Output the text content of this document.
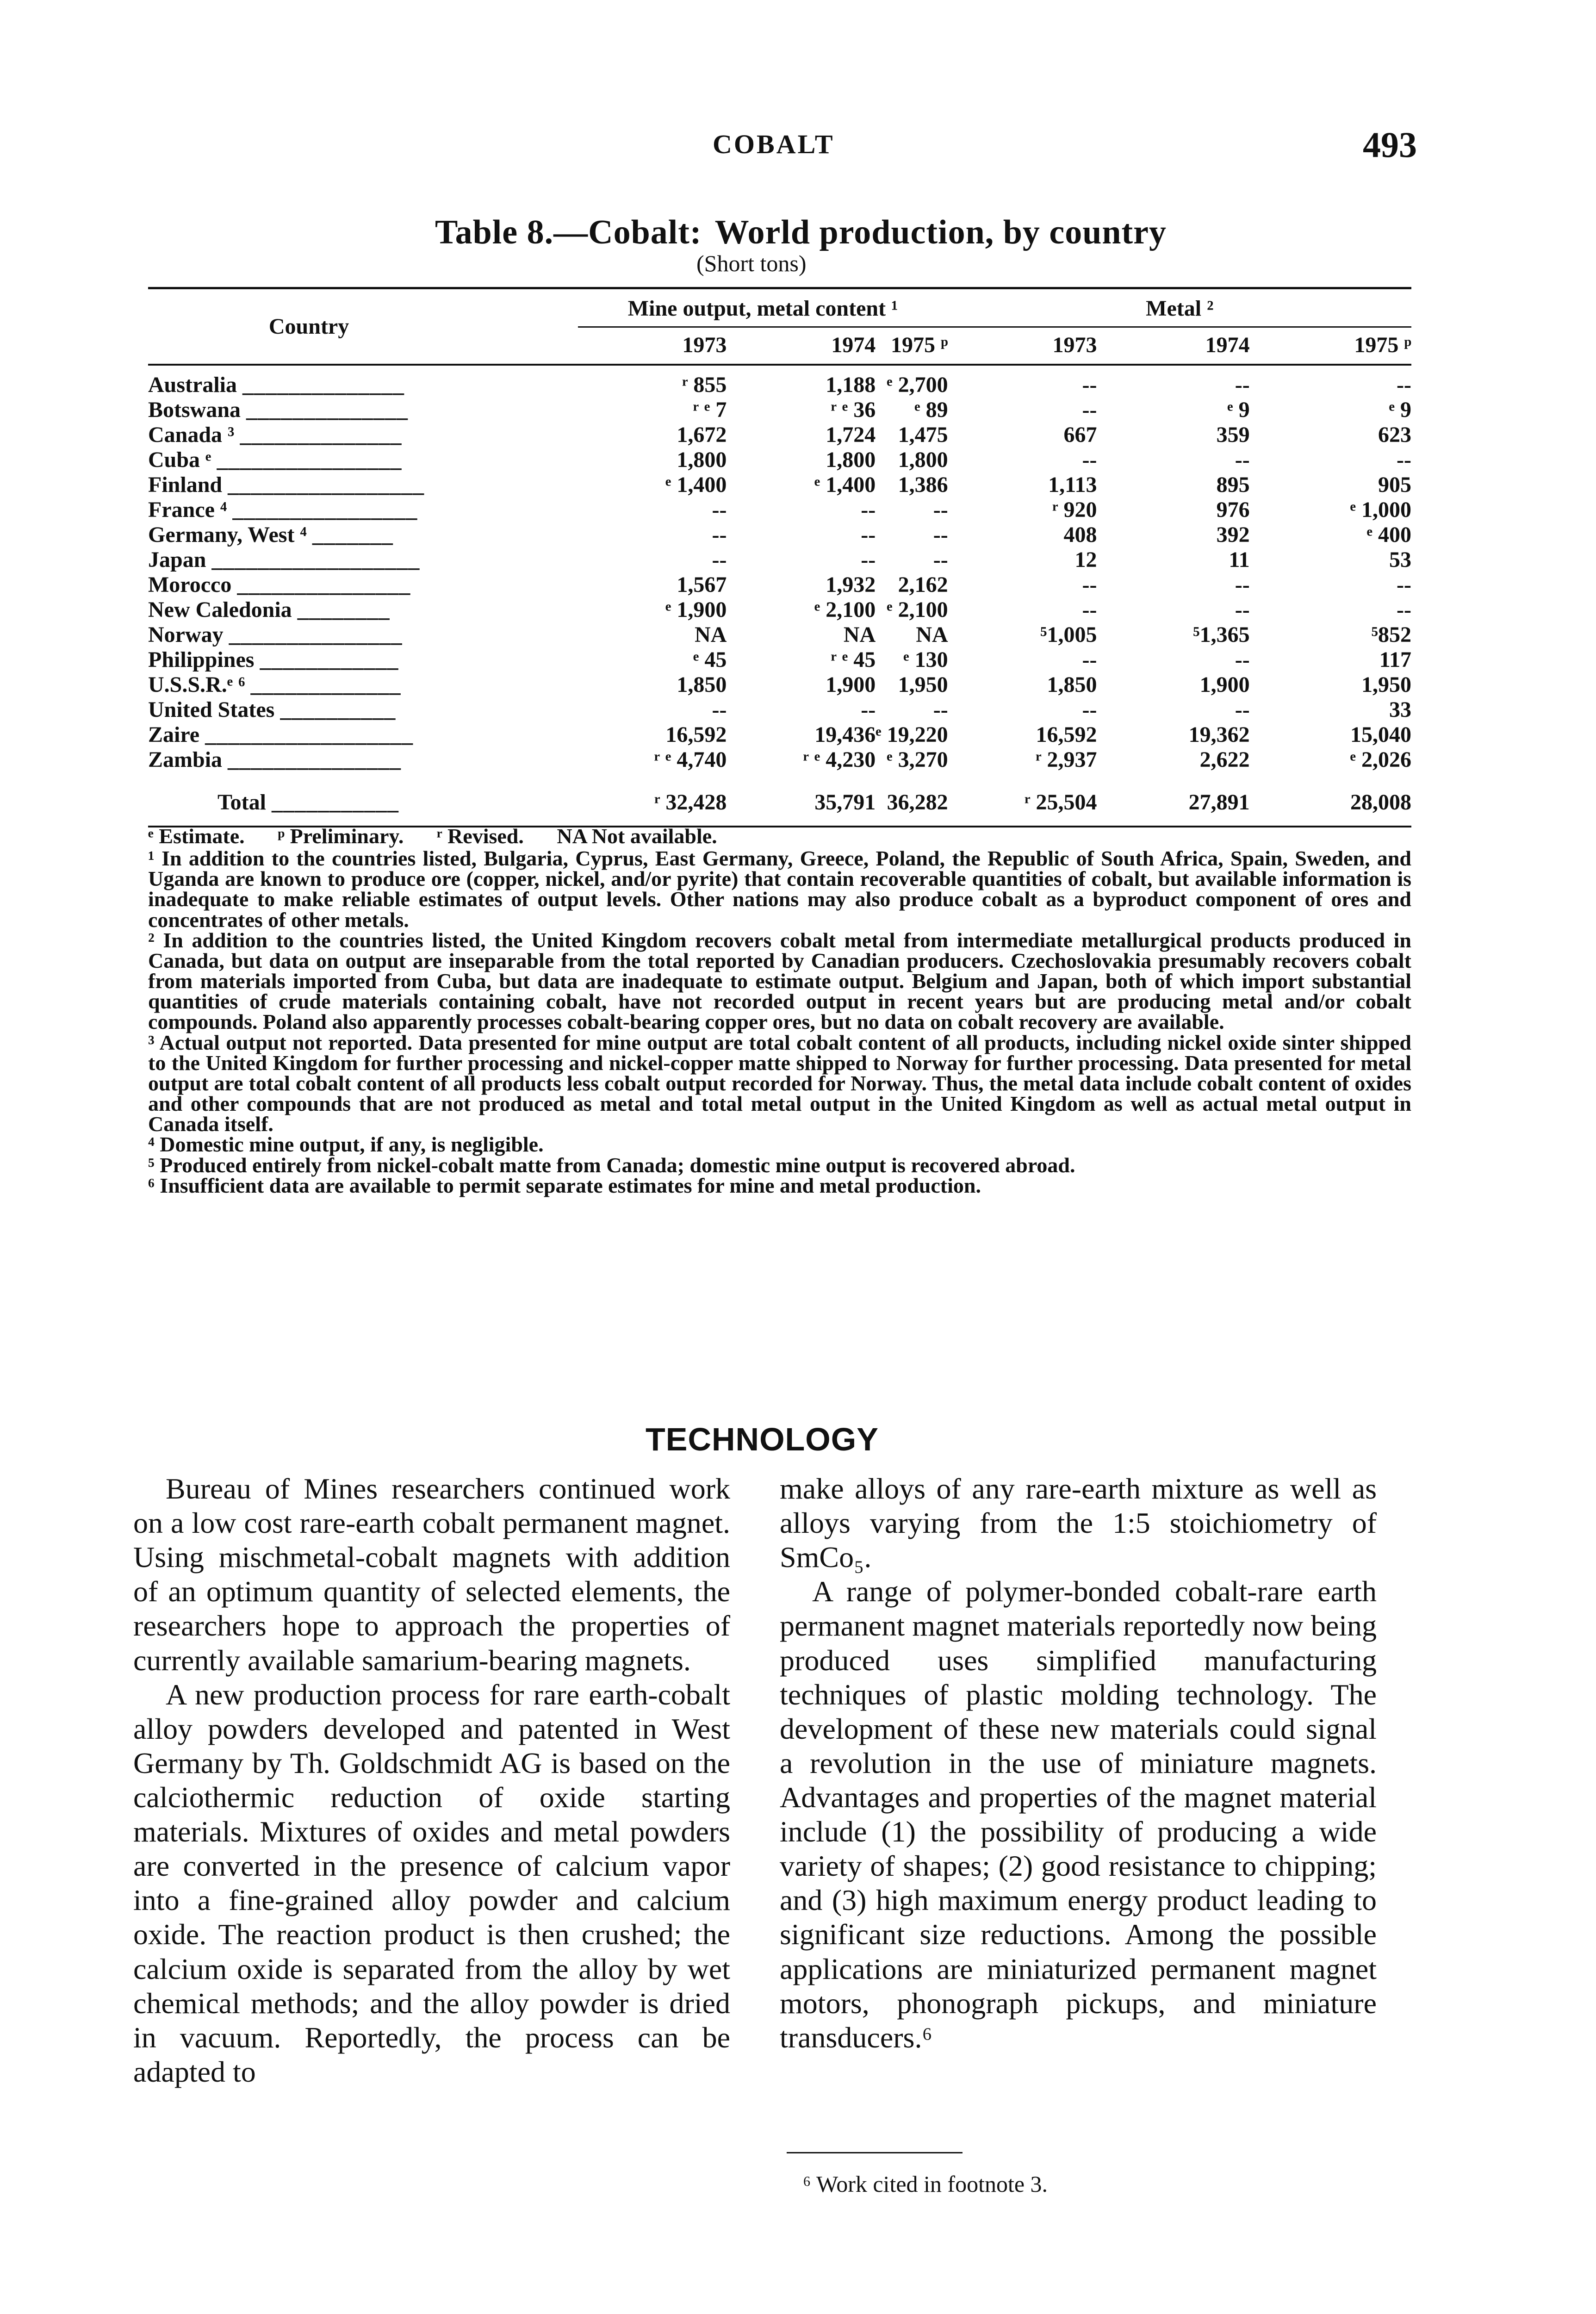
COBALT	493
Table 8.—Cobalt: World production, by country
(Short tons)
Country		Mine output, metal content ¹			Metal ²		
		1973	1974	1975 ᵖ	1973	1974	1975 ᵖ
Australia ______________		ʳ 855	1,188	ᵉ 2,700	--	--	--
Botswana ______________		ʳ ᵉ 7	ʳ ᵉ 36	ᵉ 89	--	ᵉ 9	ᵉ 9
Canada ³ ______________		1,672	1,724	1,475	667	359	623
Cuba ᵉ ________________		1,800	1,800	1,800	--	--	--
Finland _________________		ᵉ 1,400	ᵉ 1,400	1,386	1,113	895	905
France ⁴ ________________		--	--	--	ʳ 920	976	ᵉ 1,000
Germany, West ⁴ _______		--	--	--	408	392	ᵉ 400
Japan __________________		--	--	--	12	11	53
Morocco _______________		1,567	1,932	2,162	--	--	--
New Caledonia ________		ᵉ 1,900	ᵉ 2,100	ᵉ 2,100	--	--	--
Norway _______________		NA	NA	NA	⁵1,005	⁵1,365	⁵852
Philippines ____________		ᵉ 45	ʳ ᵉ 45	ᵉ 130	--	--	117
U.S.S.R.ᵉ ⁶ _____________		1,850	1,900	1,950	1,850	1,900	1,950
United States __________		--	--	--	--	--	33
Zaire __________________		16,592	19,436	ᵉ 19,220	16,592	19,362	15,040
Zambia _______________		ʳ ᵉ 4,740	ʳ ᵉ 4,230	ᵉ 3,270	ʳ 2,937	2,622	ᵉ 2,026
Total ___________		ʳ 32,428	35,791	36,282	ʳ 25,504	27,891	28,008

ᵉ Estimate. ᵖ Preliminary. ʳ Revised. NA Not available.

¹ In addition to the countries listed, Bulgaria, Cyprus, East Germany, Greece, Poland, the Republic of South Africa, Spain, Sweden, and Uganda are known to produce ore (copper, nickel, and/or pyrite) that contain recoverable quantities of cobalt, but available information is inadequate to make reliable estimates of output levels. Other nations may also produce cobalt as a byproduct component of ores and concentrates of other metals.

² In addition to the countries listed, the United Kingdom recovers cobalt metal from intermediate metallurgical products produced in Canada, but data on output are inseparable from the total reported by Canadian producers. Czechoslovakia presumably recovers cobalt from materials imported from Cuba, but data are inadequate to estimate output. Belgium and Japan, both of which import substantial quantities of crude materials containing cobalt, have not recorded output in recent years but are producing metal and/or cobalt compounds. Poland also apparently processes cobalt-bearing copper ores, but no data on cobalt recovery are available.

³ Actual output not reported. Data presented for mine output are total cobalt content of all products, including nickel oxide sinter shipped to the United Kingdom for further processing and nickel-copper matte shipped to Norway for further processing. Data presented for metal output are total cobalt content of all products less cobalt output recorded for Norway. Thus, the metal data include cobalt content of oxides and other compounds that are not produced as metal and total metal output in the United Kingdom as well as actual metal output in Canada itself.

⁴ Domestic mine output, if any, is negligible.

⁵ Produced entirely from nickel-cobalt matte from Canada; domestic mine output is recovered abroad.

⁶ Insufficient data are available to permit separate estimates for mine and metal production.

TECHNOLOGY

Bureau of Mines researchers continued work on a low cost rare-earth cobalt permanent magnet. Using mischmetal-cobalt magnets with addition of an optimum quantity of selected elements, the researchers hope to approach the properties of currently available samarium-bearing magnets.

A new production process for rare earth-cobalt alloy powders developed and patented in West Germany by Th. Goldschmidt AG is based on the calciothermic reduction of oxide starting materials. Mixtures of oxides and metal powders are converted in the presence of calcium vapor into a fine-grained alloy powder and calcium oxide. The reaction product is then crushed; the calcium oxide is separated from the alloy by wet chemical methods; and the alloy powder is dried in vacuum. Reportedly, the process can be adapted to

make alloys of any rare-earth mixture as well as alloys varying from the 1:5 stoichiometry of SmCo₅.

A range of polymer-bonded cobalt-rare earth permanent magnet materials reportedly now being produced uses simplified manufacturing techniques of plastic molding technology. The development of these new materials could signal a revolution in the use of miniature magnets. Advantages and properties of the magnet material include (1) the possibility of producing a wide variety of shapes; (2) good resistance to chipping; and (3) high maximum energy product leading to significant size reductions. Among the possible applications are miniaturized permanent magnet motors, phonograph pickups, and miniature transducers.⁶

⁶ Work cited in footnote 3.
